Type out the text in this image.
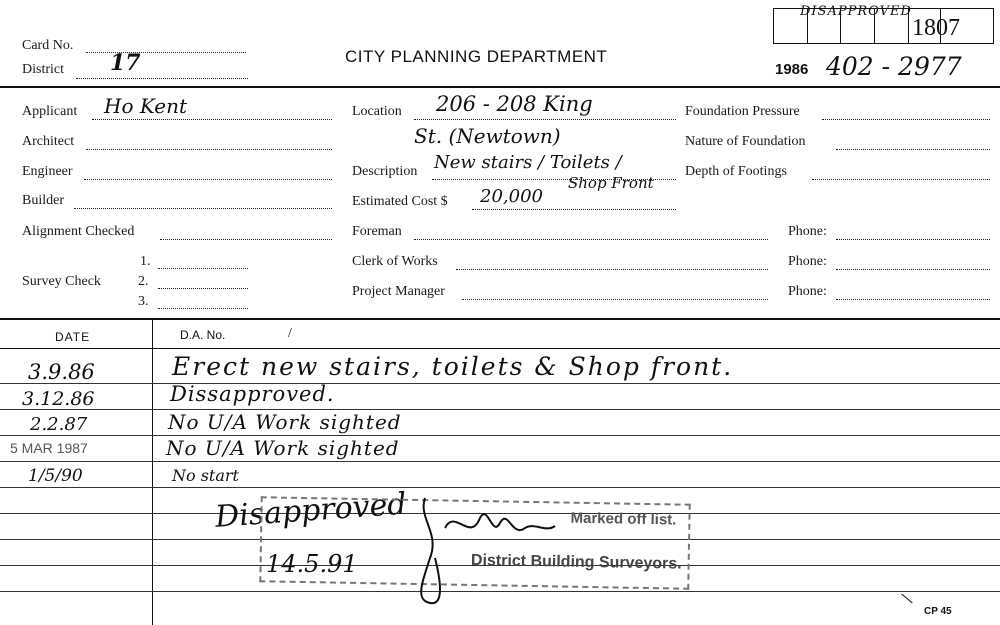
Card No.
District 17	CITY PLANNING DEPARTMENT
1986 402 - 2977
DISAPPROVED
1807
Applicant Ho Kent
Architect
Engineer
Builder
Alignment Checked
Survey Check
1.
2.
3.
Location 206 - 208 King
St. (Newtown)
Description New stairs / Toilets /
Shop Front
Estimated Cost $ 20,000
Foreman
Clerk of Works
Project Manager
Foundation Pressure
Nature of Foundation
Depth of Footings
Phone:
Phone:
Phone:
DATE	D.A. No.	/
3.9.86	Erect new stairs, toilets & Shop front.
3.12.86	Dissapproved.
2.2.87	No U/A Work sighted
5 MAR 1987	No U/A Work sighted
1/5/90	No start
Disapproved
14.5.91
Marked off list.
District Building Surveyors.
CP 45
